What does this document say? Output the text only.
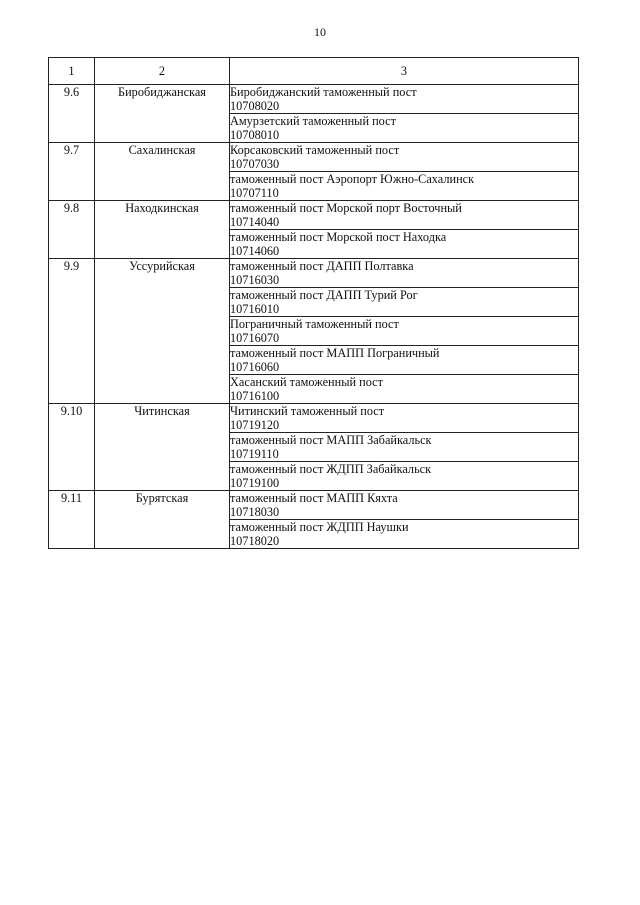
10
1	2	3
9.6	Биробиджанская	Биробиджанский таможенный пост
10708020

		Амурзетский таможенный пост
10708010

9.7	Сахалинская	Корсаковский таможенный пост
10707030

		таможенный пост Аэропорт Южно-Сахалинск
10707110

9.8	Находкинская	таможенный пост Морской порт Восточный
10714040

		таможенный пост Морской пост Находка
10714060

9.9	Уссурийская	таможенный пост ДАПП Полтавка
10716030

		таможенный пост ДАПП Турий Рог
10716010

		Пограничный таможенный пост
10716070

		таможенный пост МАПП Пограничный
10716060

		Хасанский таможенный пост
10716100

9.10	Читинская	Читинский таможенный пост
10719120

		таможенный пост МАПП Забайкальск
10719110

		таможенный пост ЖДПП Забайкальск
10719100

9.11	Бурятская	таможенный пост МАПП Кяхта
10718030

		таможенный пост ЖДПП Наушки
10718020
